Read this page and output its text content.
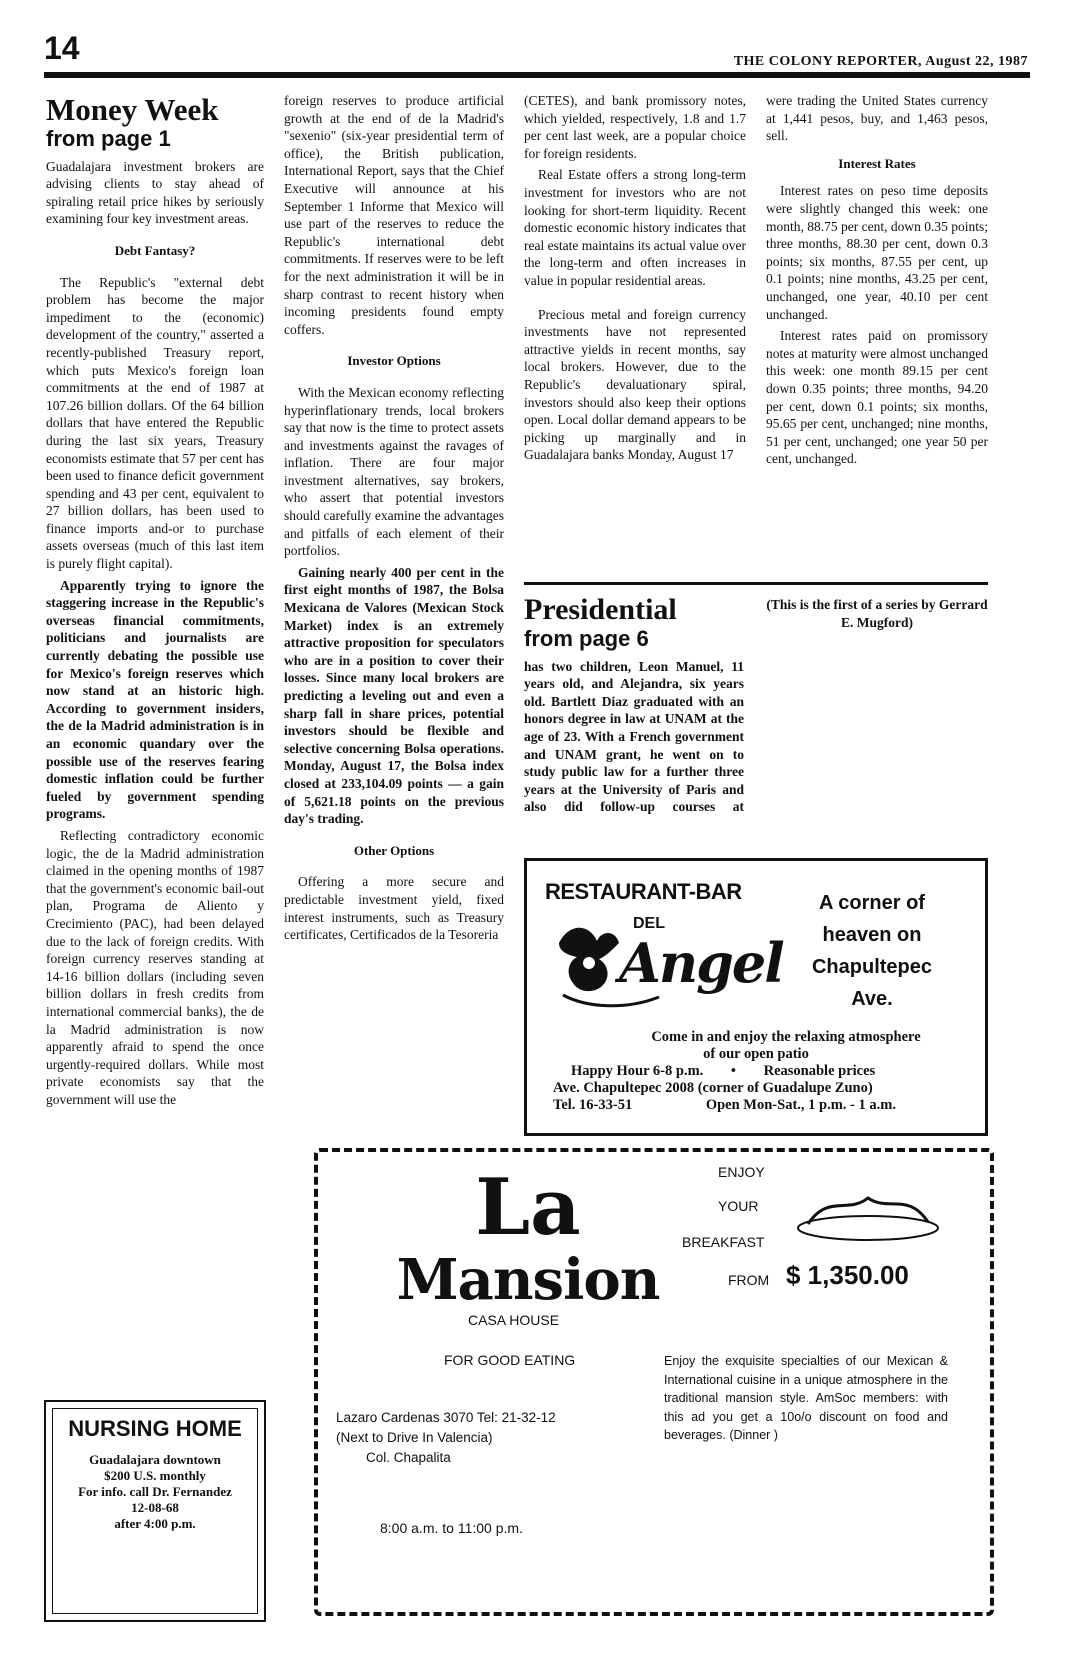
14	THE COLONY REPORTER, August 22, 1987
Money Week
from page 1

Guadalajara investment brokers are advising clients to stay ahead of spiraling retail price hikes by seriously examining four key investment areas.

Debt Fantasy?

The Republic's "external debt problem has become the major impediment to the (economic) development of the country," asserted a recently-published Treasury report, which puts Mexico's foreign loan commitments at the end of 1987 at 107.26 billion dollars. Of the 64 billion dollars that have entered the Republic during the last six years, Treasury economists estimate that 57 per cent has been used to finance deficit government spending and 43 per cent, equivalent to 27 billion dollars, has been used to finance imports and-or to purchase assets overseas (much of this last item is purely flight capital).

Apparently trying to ignore the staggering increase in the Republic's overseas financial commitments, politicians and journalists are currently debating the possible use for Mexico's foreign reserves which now stand at an historic high. According to government insiders, the de la Madrid administration is in an economic quandary over the possible use of the reserves fearing domestic inflation could be further fueled by government spending programs.

Reflecting contradictory economic logic, the de la Madrid administration claimed in the opening months of 1987 that the government's economic bail-out plan, Programa de Aliento y Crecimiento (PAC), had been delayed due to the lack of foreign credits. With foreign currency reserves standing at 14-16 billion dollars (including seven billion dollars in fresh credits from international commercial banks), the de la Madrid administration is now apparently afraid to spend the once urgently-required dollars. While most private economists say that the government will use the

NURSING HOME
Guadalajara downtown
$200 U.S. monthly
For info. call Dr. Fernandez
12-08-68
after 4:00 p.m.

foreign reserves to produce artificial growth at the end of de la Madrid's "sexenio" (six-year presidential term of office), the British publication, International Report, says that the Chief Executive will announce at his September 1 Informe that Mexico will use part of the reserves to reduce the Republic's international debt commitments. If reserves were to be left for the next administration it will be in sharp contrast to recent history when incoming presidents found empty coffers.

Investor Options

With the Mexican economy reflecting hyperinflationary trends, local brokers say that now is the time to protect assets and investments against the ravages of inflation. There are four major investment alternatives, say brokers, who assert that potential investors should carefully examine the advantages and pitfalls of each element of their portfolios.

Gaining nearly 400 per cent in the first eight months of 1987, the Bolsa Mexicana de Valores (Mexican Stock Market) index is an extremely attractive proposition for speculators who are in a position to cover their losses. Since many local brokers are predicting a leveling out and even a sharp fall in share prices, potential investors should be flexible and selective concerning Bolsa operations. Monday, August 17, the Bolsa index closed at 233,104.09 points — a gain of 5,621.18 points on the previous day's trading.

Other Options

Offering a more secure and predictable investment yield, fixed interest instruments, such as Treasury certificates, Certificados de la Tesoreria

(CETES), and bank promissory notes, which yielded, respectively, 1.8 and 1.7 per cent last week, are a popular choice for foreign residents.

Real Estate offers a strong long-term investment for investors who are not looking for short-term liquidity. Recent domestic economic history indicates that real estate maintains its actual value over the long-term and often increases in value in popular residential areas.

Precious metal and foreign currency investments have not represented attractive yields in recent months, say local brokers. However, due to the Republic's devaluationary spiral, investors should also keep their options open. Local dollar demand appears to be picking up marginally and in Guadalajara banks Monday, August 17

were trading the United States currency at 1,441 pesos, buy, and 1,463 pesos, sell.

Interest Rates

Interest rates on peso time deposits were slightly changed this week: one month, 88.75 per cent, down 0.35 points; three months, 88.30 per cent, down 0.3 points; six months, 87.55 per cent, up 0.1 points; nine months, 43.25 per cent, unchanged, one year, 40.10 per cent unchanged.

Interest rates paid on promissory notes at maturity were almost unchanged this week: one month 89.15 per cent down 0.35 points; three months, 94.20 per cent, down 0.1 points; six months, 95.65 per cent, unchanged; nine months, 51 per cent, unchanged; one year 50 per cent, unchanged.

Presidential
from page 6

has two children, Leon Manuel, 11 years old, and Alejandra, six years old. Bartlett Diaz graduated with an honors degree in law at UNAM at the age of 23. With a French government and UNAM grant, he went on to study public law for a further three years at the University of Paris and also did follow-up courses at

(This is the first of a series by Gerrard E. Mugford)

RESTAURANT-BAR
DEL
Angel
A corner of
heaven on
Chapultepec
Ave.
Come in and enjoy the relaxing atmosphere
of our open patio
Happy Hour 6-8 p.m. • Reasonable prices
Ave. Chapultepec 2008 (corner of Guadalupe Zuno)
Tel. 16-33-51	Open Mon-Sat., 1 p.m. - 1 a.m.
La
Mansion
CASA HOUSE
FOR GOOD EATING
ENJOY
YOUR
BREAKFAST
FROM $ 1,350.00
Lazaro Cardenas 3070 Tel: 21-32-12
(Next to Drive In Valencia)
Col. Chapalita
8:00 a.m. to 11:00 p.m.
Enjoy the exquisite specialties of our Mexican & International cuisine in a unique atmosphere in the traditional mansion style. AmSoc members: with this ad you get a 10o/o discount on food and beverages. (Dinner )
